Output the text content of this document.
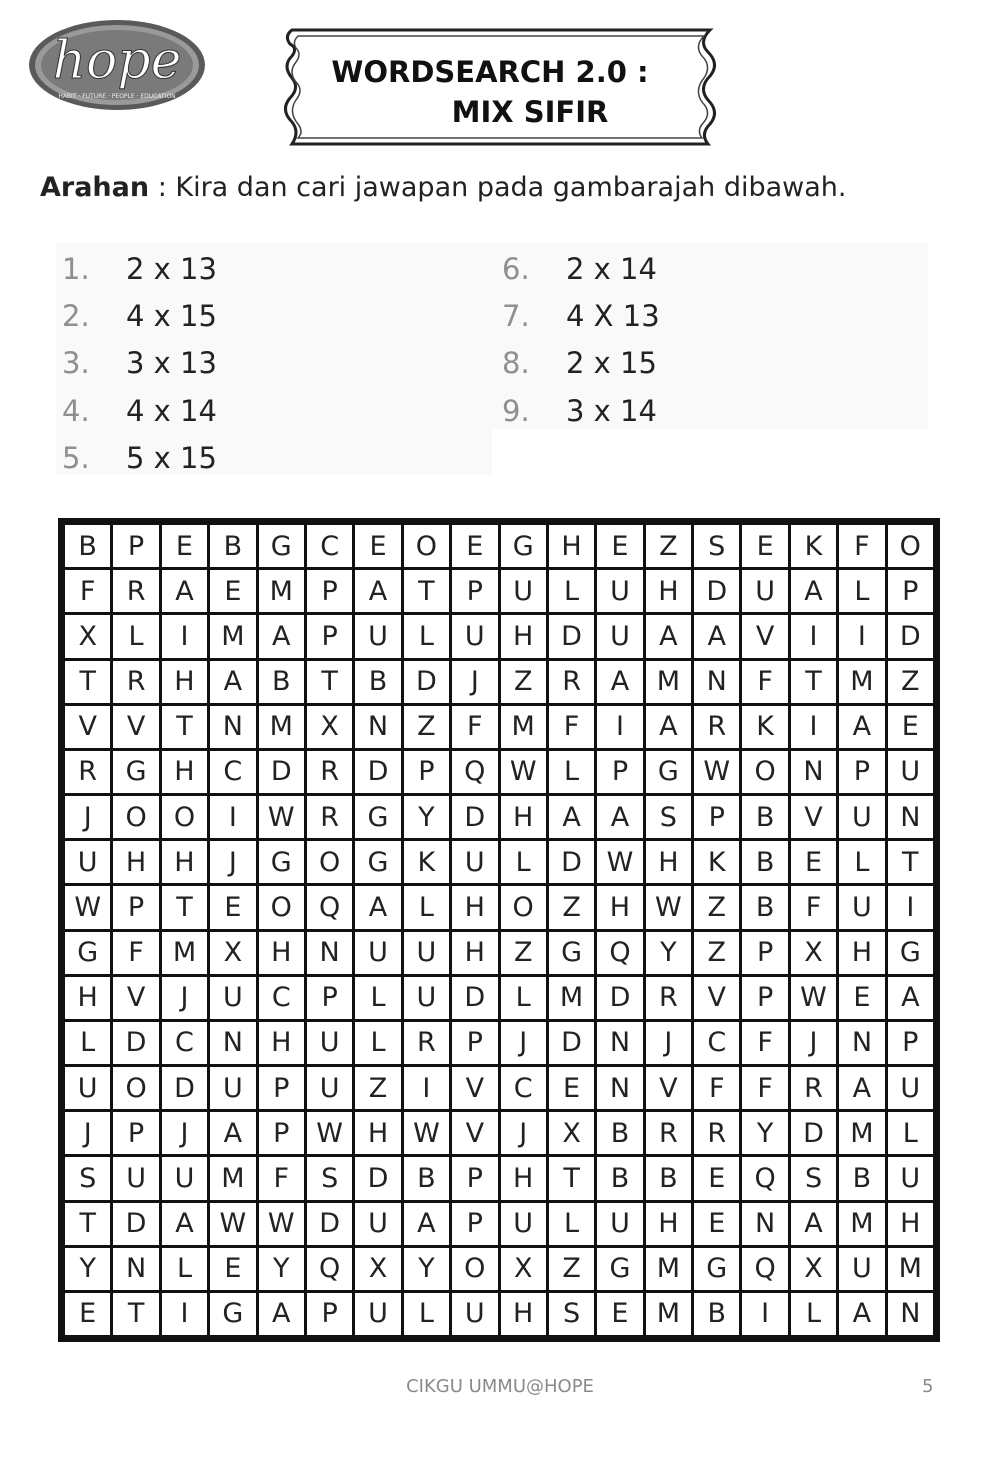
hope
HABIT · FUTURE · PEOPLE · EDUCATION
WORDSEARCH 2.0 :
MIX SIFIR
Arahan : Kira dan cari jawapan pada gambarajah dibawah.
1. 2 x 13
2. 4 x 15
3. 3 x 13
4. 4 x 14
5. 5 x 15
6. 2 x 14
7. 4 X 13
8. 2 x 15
9. 3 x 14
B	P	E	B	G	C	E	O	E	G	H	E	Z	S	E	K	F	O
F	R	A	E	M	P	A	T	P	U	L	U	H	D	U	A	L	P
X	L	I	M	A	P	U	L	U	H	D	U	A	A	V	I	I	D
T	R	H	A	B	T	B	D	J	Z	R	A	M N	F	T	M	Z
V	V	T	N M	X	N	Z	F	M	F	I	A	R	K	I	A	E
R	G	H	C	D	R	D	P	Q W	L	P	G W O	N	P	U
J	O	O	I	W R	G	Y	D	H	A	A	S	P	B	V	U	N
U	H	H	J	G	O	G	K	U	L	D W H	K	B	E	L	T
W P	T	E	O	Q	A	L	H	O	Z	H W Z	B	F	U	I
G	F	M	X	H	N	U	U	H	Z	G	Q	Y	Z	P	X	H	G
H	V	J	U	C	P	L	U	D	L	M D	R	V	P W E	A
L	D	C	N	H	U	L	R	P	J	D	N	J	C	F	J	N	P
U	O	D	U	P	U	Z	I	V	C	E	N	V	F	F	R	A	U
J	P	J	A	P W H W V	J	X	B	R	R	Y	D M	L
S	U	U M	F	S	D	B	P	H	T	B	B	E	Q	S	B	U
T	D	A W W D	U	A	P	U	L	U	H	E	N	A	M H
Y	N	L	E	Y	Q	X	Y	O	X	Z	G M G	Q	X	U M
E	T	I	G	A	P	U	L	U	H	S	E	M	B	I	L	A	N
CIKGU UMMU@HOPE	5
